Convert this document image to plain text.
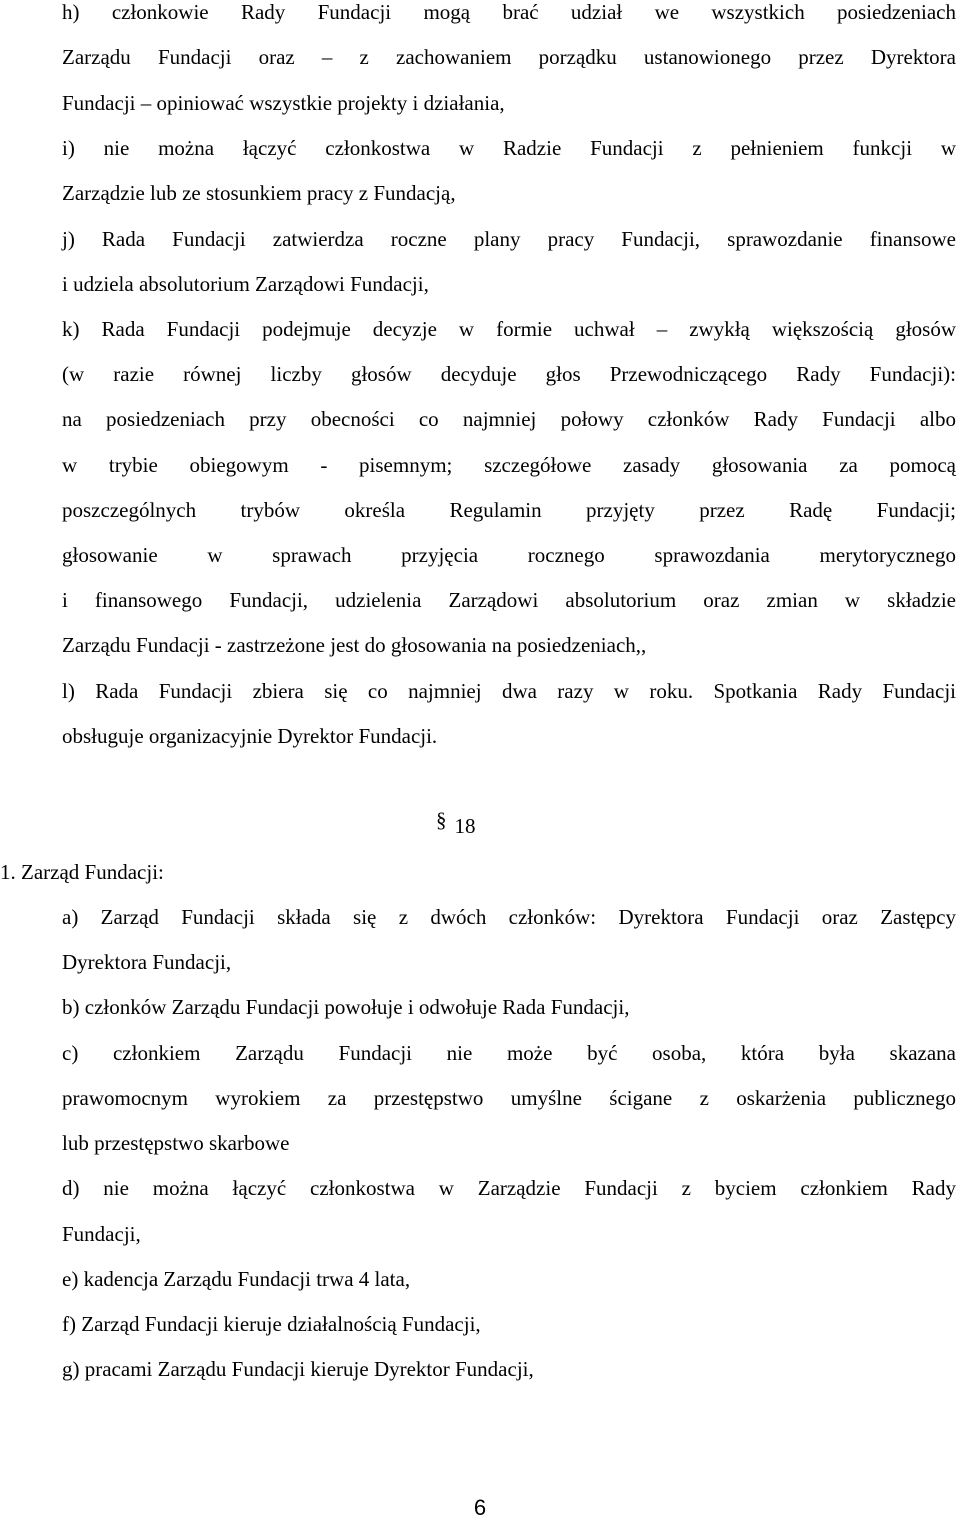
h) członkowie Rady Fundacji mogą brać udział we wszystkich posiedzeniach
Zarządu Fundacji oraz – z zachowaniem porządku ustanowionego przez Dyrektora
Fundacji – opiniować wszystkie projekty i działania,
i) nie można łączyć członkostwa w Radzie Fundacji z pełnieniem funkcji w
Zarządzie lub ze stosunkiem pracy z Fundacją,
j) Rada Fundacji zatwierdza roczne plany pracy Fundacji, sprawozdanie finansowe
i udziela absolutorium Zarządowi Fundacji,
k) Rada Fundacji podejmuje decyzje w formie uchwał – zwykłą większością głosów
(w razie równej liczby głosów decyduje głos Przewodniczącego Rady Fundacji):
na posiedzeniach przy obecności co najmniej połowy członków Rady Fundacji albo
w trybie obiegowym - pisemnym; szczegółowe zasady głosowania za pomocą
poszczególnych trybów określa Regulamin przyjęty przez Radę Fundacji;
głosowanie w sprawach przyjęcia rocznego sprawozdania merytorycznego
i finansowego Fundacji, udzielenia Zarządowi absolutorium oraz zmian w składzie
Zarządu Fundacji - zastrzeżone jest do głosowania na posiedzeniach,,
l) Rada Fundacji zbiera się co najmniej dwa razy w roku. Spotkania Rady Fundacji
obsługuje organizacyjnie Dyrektor Fundacji.
§ 18
1. Zarząd Fundacji:
a) Zarząd Fundacji składa się z dwóch członków: Dyrektora Fundacji oraz Zastępcy
Dyrektora Fundacji,
b) członków Zarządu Fundacji powołuje i odwołuje Rada Fundacji,
c) członkiem Zarządu Fundacji nie może być osoba, która była skazana
prawomocnym wyrokiem za przestępstwo umyślne ścigane z oskarżenia publicznego
lub przestępstwo skarbowe
d) nie można łączyć członkostwa w Zarządzie Fundacji z byciem członkiem Rady
Fundacji,
e) kadencja Zarządu Fundacji trwa 4 lata,
f) Zarząd Fundacji kieruje działalnością Fundacji,
g) pracami Zarządu Fundacji kieruje Dyrektor Fundacji,
6
